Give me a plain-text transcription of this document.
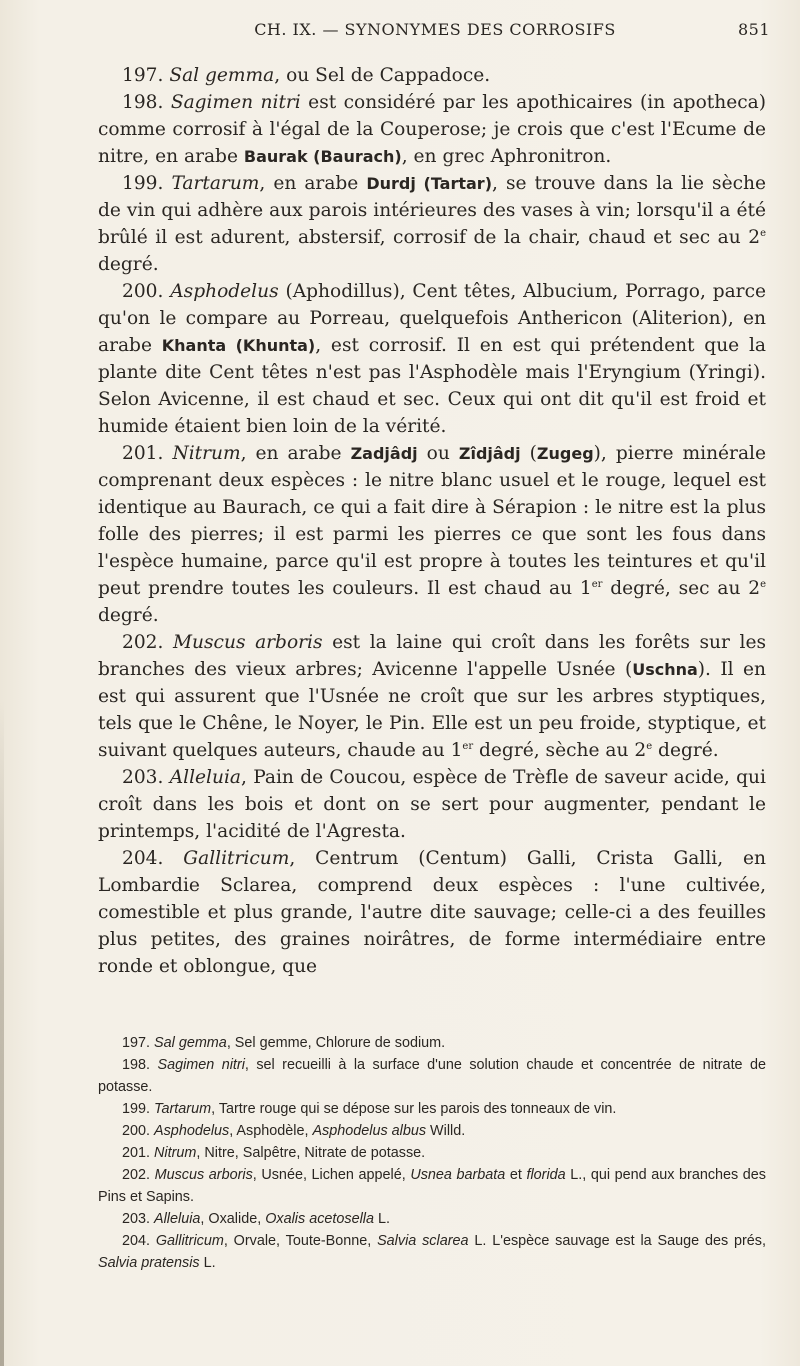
CH. IX. — SYNONYMES DES CORROSIFS	851

197. Sal gemma, ou Sel de Cappadoce.

198. Sagimen nitri est considéré par les apothicaires (in apotheca) comme corrosif à l'égal de la Couperose; je crois que c'est l'Ecume de nitre, en arabe Baurak (Baurach), en grec Aphronitron.

199. Tartarum, en arabe Durdj (Tartar), se trouve dans la lie sèche de vin qui adhère aux parois intérieures des vases à vin; lorsqu'il a été brûlé il est adurent, abstersif, corrosif de la chair, chaud et sec au 2e degré.

200. Asphodelus (Aphodillus), Cent têtes, Albucium, Porrago, parce qu'on le compare au Porreau, quelquefois Anthericon (Aliterion), en arabe Khanta (Khunta), est corrosif. Il en est qui prétendent que la plante dite Cent têtes n'est pas l'Asphodèle mais l'Eryngium (Yringi). Selon Avicenne, il est chaud et sec. Ceux qui ont dit qu'il est froid et humide étaient bien loin de la vérité.

201. Nitrum, en arabe Zadjâdj ou Zîdjâdj (Zugeg), pierre minérale comprenant deux espèces : le nitre blanc usuel et le rouge, lequel est identique au Baurach, ce qui a fait dire à Sérapion : le nitre est la plus folle des pierres; il est parmi les pierres ce que sont les fous dans l'espèce humaine, parce qu'il est propre à toutes les teintures et qu'il peut prendre toutes les couleurs. Il est chaud au 1er degré, sec au 2e degré.

202. Muscus arboris est la laine qui croît dans les forêts sur les branches des vieux arbres; Avicenne l'appelle Usnée (Uschna). Il en est qui assurent que l'Usnée ne croît que sur les arbres styptiques, tels que le Chêne, le Noyer, le Pin. Elle est un peu froide, styptique, et suivant quelques auteurs, chaude au 1er degré, sèche au 2e degré.

203. Alleluia, Pain de Coucou, espèce de Trèfle de saveur acide, qui croît dans les bois et dont on se sert pour augmenter, pendant le printemps, l'acidité de l'Agresta.

204. Gallitricum, Centrum (Centum) Galli, Crista Galli, en Lombardie Sclarea, comprend deux espèces : l'une cultivée, comestible et plus grande, l'autre dite sauvage; celle-ci a des feuilles plus petites, des graines noirâtres, de forme intermédiaire entre ronde et oblongue, que

197. Sal gemma, Sel gemme, Chlorure de sodium.

198. Sagimen nitri, sel recueilli à la surface d'une solution chaude et concentrée de nitrate de potasse.

199. Tartarum, Tartre rouge qui se dépose sur les parois des tonneaux de vin.

200. Asphodelus, Asphodèle, Asphodelus albus Willd.

201. Nitrum, Nitre, Salpêtre, Nitrate de potasse.

202. Muscus arboris, Usnée, Lichen appelé, Usnea barbata et florida L., qui pend aux branches des Pins et Sapins.

203. Alleluia, Oxalide, Oxalis acetosella L.

204. Gallitricum, Orvale, Toute-Bonne, Salvia sclarea L. L'espèce sauvage est la Sauge des prés, Salvia pratensis L.
